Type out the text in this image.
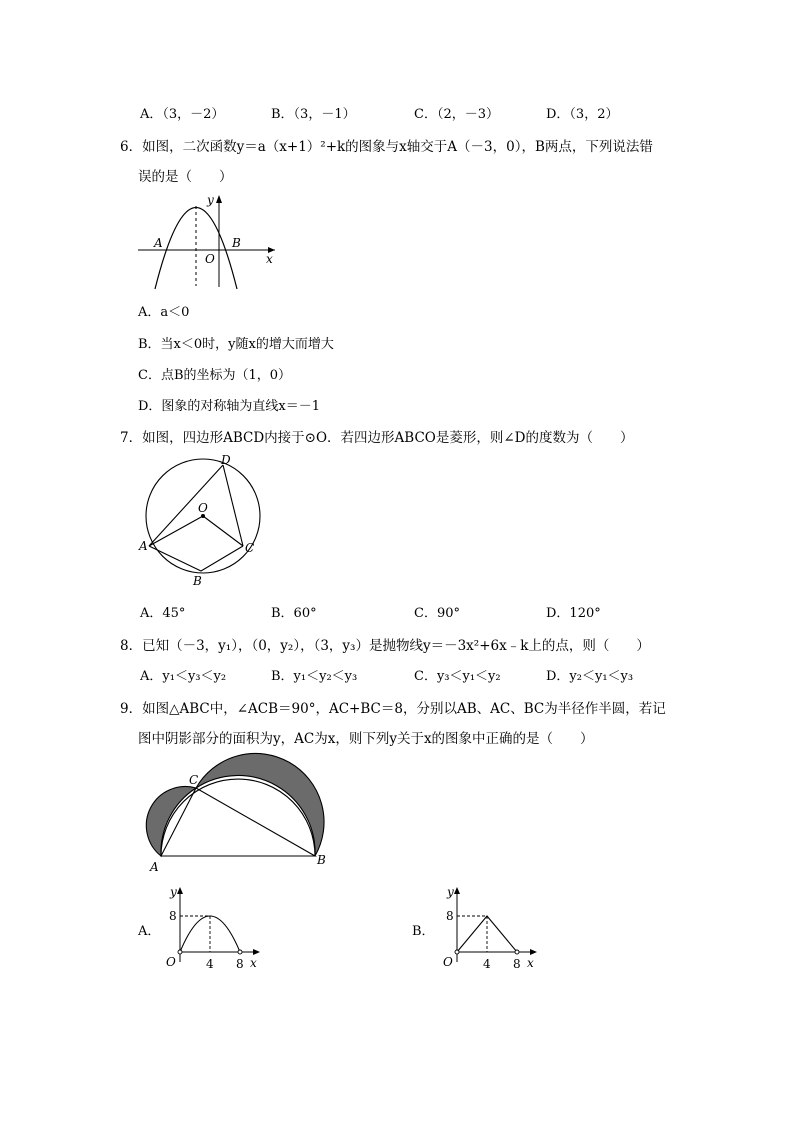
A．（3，－2）	B．（3，－1）	C．（2，－3）	D．（3，2）
6．如图，二次函数y＝a（x+1）²+k的图象与x轴交于A（－3，0），B两点，下列说法错
误的是（　　）
A	B
O	x
y
A．a＜0
B．当x＜0时，y随x的增大而增大
C．点B的坐标为（1，0）
D．图象的对称轴为直线x＝－1
7．如图，四边形ABCD内接于⊙O．若四边形ABCO是菱形，则∠D的度数为（　　）
D
O
A	C
B
A．45°	B．60°	C．90°	D．120°
8．已知（－3，y₁），（0，y₂），（3，y₃）是抛物线y＝－3x²+6x﹣k上的点，则（　　）
A．y₁＜y₃＜y₂	B．y₁＜y₂＜y₃	C．y₃＜y₁＜y₂	D．y₂＜y₁＜y₃
9．如图△ABC中，∠ACB＝90°，AC+BC＝8，分别以AB、AC、BC为半径作半圆，若记
图中阴影部分的面积为y，AC为x，则下列y关于x的图象中正确的是（　　）
A	B
C
A．
y
8
O	4 8 x
B．
y
8
O	4 8 x
